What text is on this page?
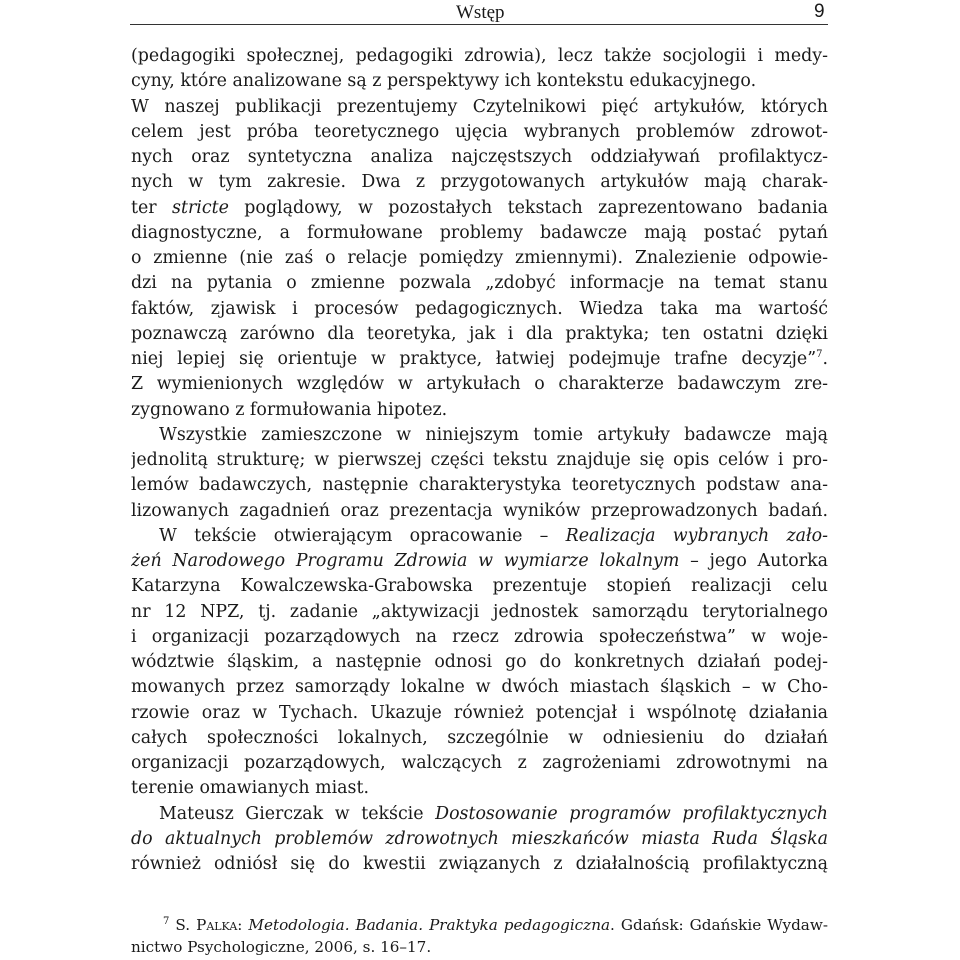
Wstęp	9
(pedagogiki społecznej, pedagogiki zdrowia), lecz także socjologii i medy-
cyny, które analizowane są z perspektywy ich kontekstu edukacyjnego.
W naszej publikacji prezentujemy Czytelnikowi pięć artykułów, których
celem jest próba teoretycznego ujęcia wybranych problemów zdrowot-
nych oraz syntetyczna analiza najczęstszych oddziaływań profilaktycz-
nych w tym zakresie. Dwa z przygotowanych artykułów mają charak-
ter stricte poglądowy, w pozostałych tekstach zaprezentowano badania
diagnostyczne, a formułowane problemy badawcze mają postać pytań
o zmienne (nie zaś o relacje pomiędzy zmiennymi). Znalezienie odpowie-
dzi na pytania o zmienne pozwala „zdobyć informacje na temat stanu
faktów, zjawisk i procesów pedagogicznych. Wiedza taka ma wartość
poznawczą zarówno dla teoretyka, jak i dla praktyka; ten ostatni dzięki
niej lepiej się orientuje w praktyce, łatwiej podejmuje trafne decyzje”$^7$.
Z wymienionych względów w artykułach o charakterze badawczym zre-
zygnowano z formułowania hipotez.
Wszystkie zamieszczone w niniejszym tomie artykuły badawcze mają
jednolitą strukturę; w pierwszej części tekstu znajduje się opis celów i pro-
lemów badawczych, następnie charakterystyka teoretycznych podstaw ana-
lizowanych zagadnień oraz prezentacja wyników przeprowadzonych badań.
W tekście otwierającym opracowanie – Realizacja wybranych zało-
żeń Narodowego Programu Zdrowia w wymiarze lokalnym – jego Autorka
Katarzyna Kowalczewska-Grabowska prezentuje stopień realizacji celu
nr 12 NPZ, tj. zadanie „aktywizacji jednostek samorządu terytorialnego
i organizacji pozarządowych na rzecz zdrowia społeczeństwa” w woje-
wództwie śląskim, a następnie odnosi go do konkretnych działań podej-
mowanych przez samorządy lokalne w dwóch miastach śląskich – w Cho-
rzowie oraz w Tychach. Ukazuje również potencjał i wspólnotę działania
całych społeczności lokalnych, szczególnie w odniesieniu do działań
organizacji pozarządowych, walczących z zagrożeniami zdrowotnymi na
terenie omawianych miast.
Mateusz Gierczak w tekście Dostosowanie programów profilaktycznych
do aktualnych problemów zdrowotnych mieszkańców miasta Ruda Śląska
również odniósł się do kwestii związanych z działalnością profilaktyczną
$^7$ S. Palka: Metodologia. Badania. Praktyka pedagogiczna. Gdańsk: Gdańskie Wydaw-
nictwo Psychologiczne, 2006, s. 16–17.
